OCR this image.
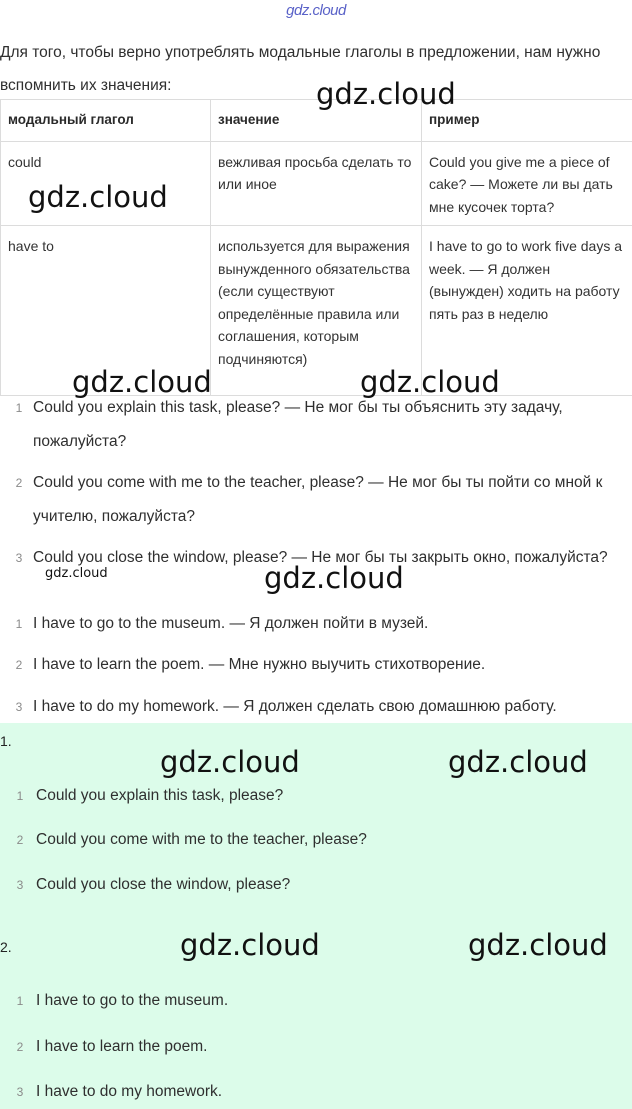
gdz.cloud
Для того, чтобы верно употреблять модальные глаголы в предложении, нам нужно вспомнить их значения:
модальный глагол	значение	пример
could	вежливая просьба сделать то или иное	Could you give me a piece of cake? — Можете ли вы дать мне кусочек торта?
have to	используется для выражения вынужденного обязательства (если существуют определённые правила или соглашения, которым подчиняются)	I have to go to work five days a week. — Я должен (вынужден) ходить на работу пять раз в неделю
1 Could you explain this task, please? — Не мог бы ты объяснить эту задачу, пожалуйста?
2 Could you come with me to the teacher, please? — Не мог бы ты пойти со мной к учителю, пожалуйста?
3 Could you close the window, please? — Не мог бы ты закрыть окно, пожалуйста?
1 I have to go to the museum. — Я должен пойти в музей.
2 I have to learn the poem. — Мне нужно выучить стихотворение.
3 I have to do my homework. — Я должен сделать свою домашнюю работу.
1.
1 Could you explain this task, please?
2 Could you come with me to the teacher, please?
3 Could you close the window, please?
2.
1 I have to go to the museum.
2 I have to learn the poem.
3 I have to do my homework.
gdz.cloud
gdz.cloud
gdz.cloud	gdz.cloud
gdz.cloud	gdz.cloud
gdz.cloud	gdz.cloud
gdz.cloud	gdz.cloud
